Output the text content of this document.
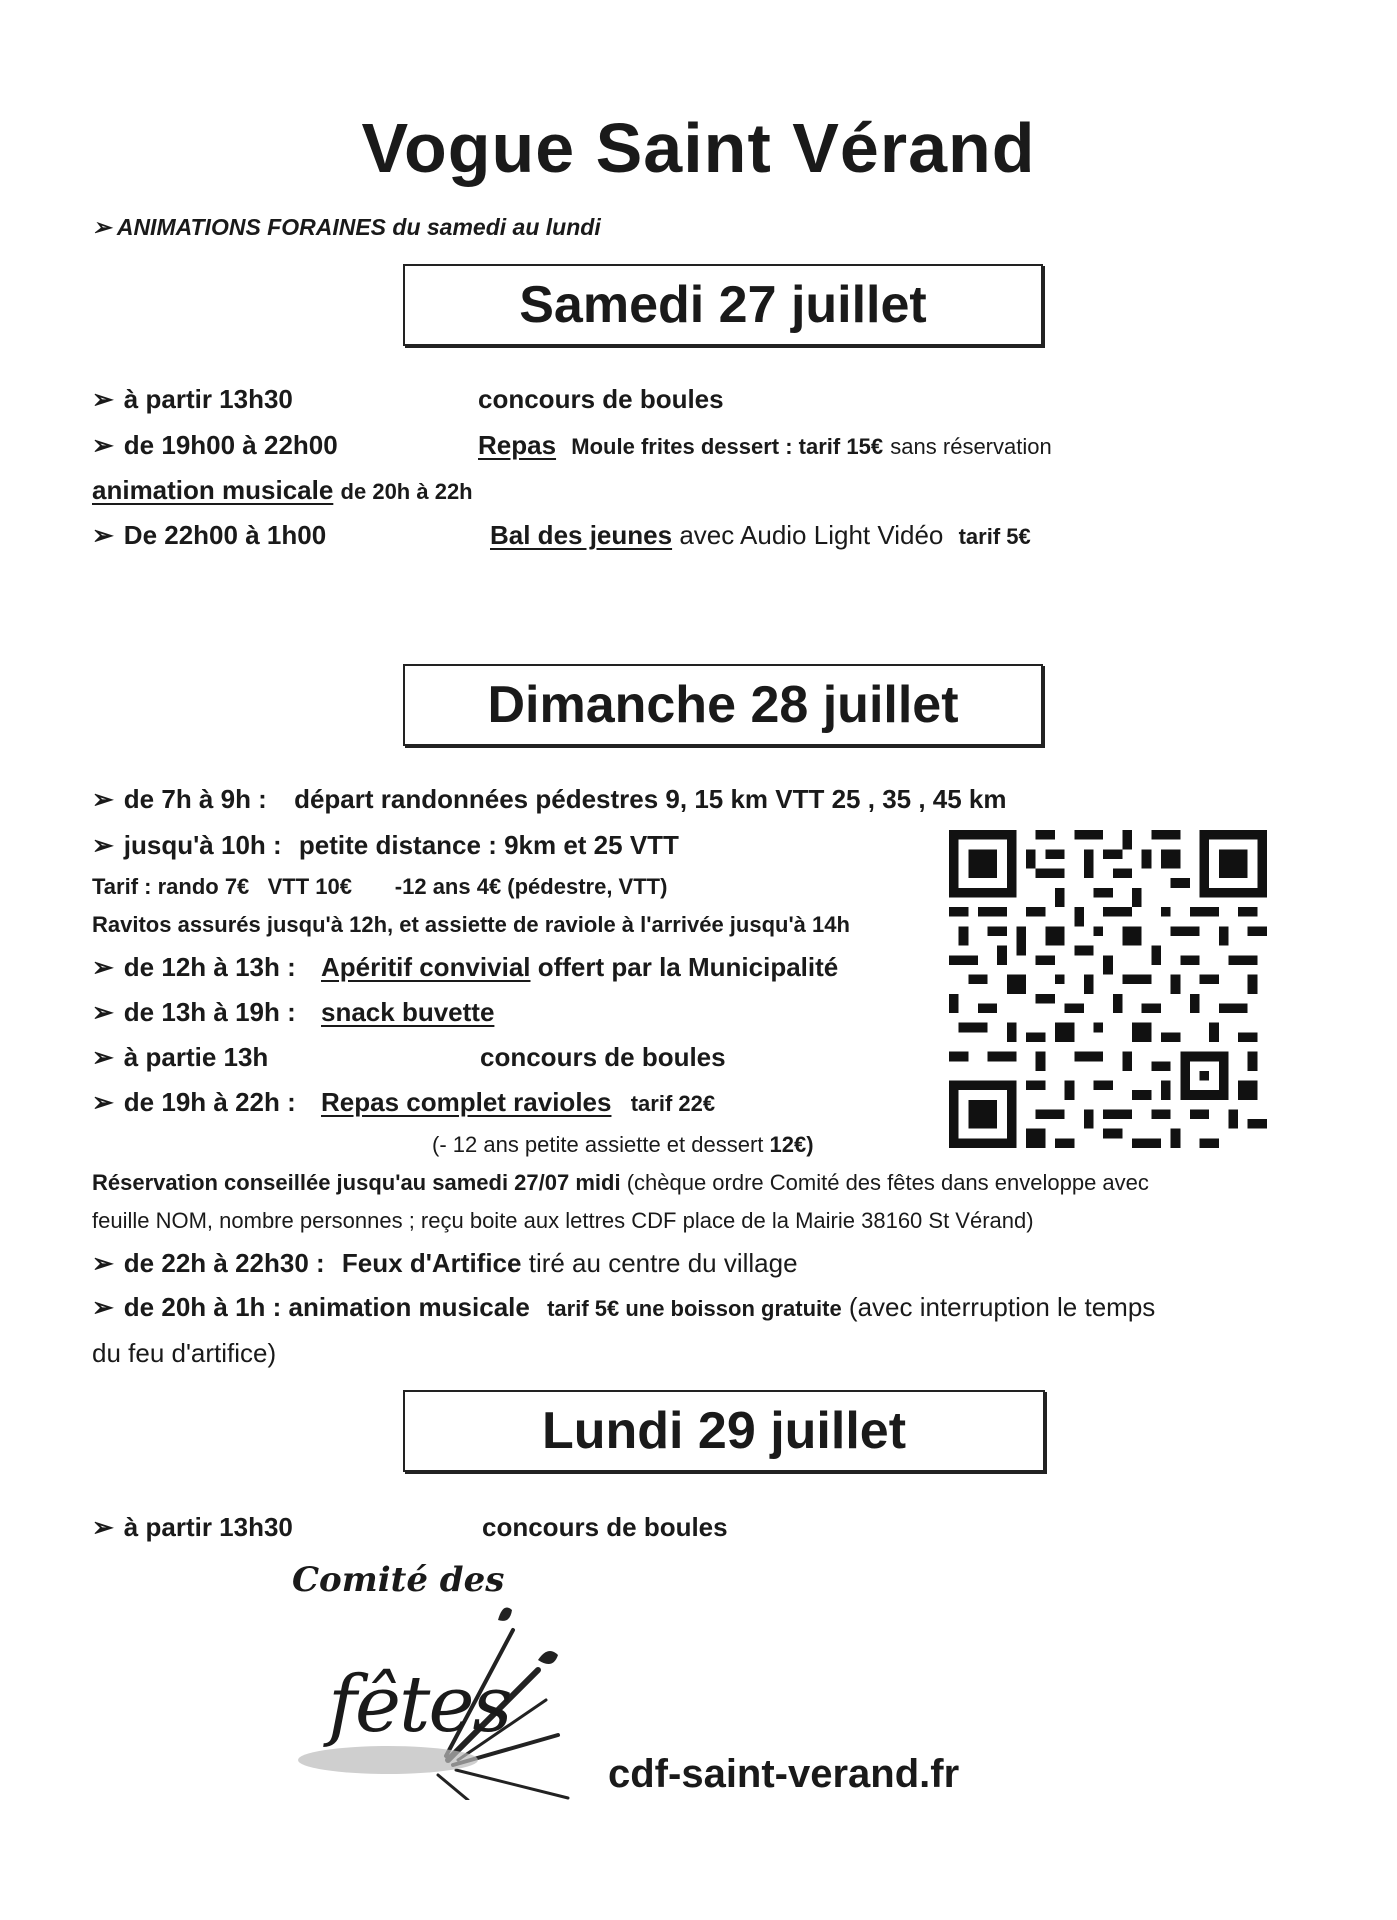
Vogue Saint Vérand
➢ ANIMATIONS FORAINES du samedi au lundi
Samedi 27 juillet
➢ à partir 13h30	concours de boules
➢ de 19h00 à 22h00	Repas Moule frites dessert : tarif 15€ sans réservation
animation musicale de 20h à 22h
➢ De 22h00 à 1h00	Bal des jeunes avec Audio Light Vidéo tarif 5€
Dimanche 28 juillet
➢ de 7h à 9h : départ randonnées pédestres 9, 15 km VTT 25 , 35 , 45 km
➢ jusqu'à 10h : petite distance : 9km et 25 VTT
Tarif : rando 7€   VTT 10€       -12 ans 4€ (pédestre, VTT)
Ravitos assurés jusqu'à 12h, et assiette de raviole à l'arrivée jusqu'à 14h
➢ de 12h à 13h : Apéritif convivial offert par la Municipalité
➢ de 13h à 19h : snack buvette
➢ à partie 13h	concours de boules
➢ de 19h à 22h : Repas complet ravioles tarif 22€
(- 12 ans petite assiette et dessert 12€)
Réservation conseillée jusqu'au samedi 27/07 midi (chèque ordre Comité des fêtes dans enveloppe avec
feuille NOM, nombre personnes ; reçu boite aux lettres CDF place de la Mairie 38160 St Vérand)
➢ de 22h à 22h30 : Feux d'Artifice tiré au centre du village
➢ de 20h à 1h : animation musicale tarif 5€ une boisson gratuite (avec interruption le temps
du feu d'artifice)
Lundi 29 juillet
➢ à partir 13h30	concours de boules
Comité des
fêtes
cdf-saint-verand.fr
